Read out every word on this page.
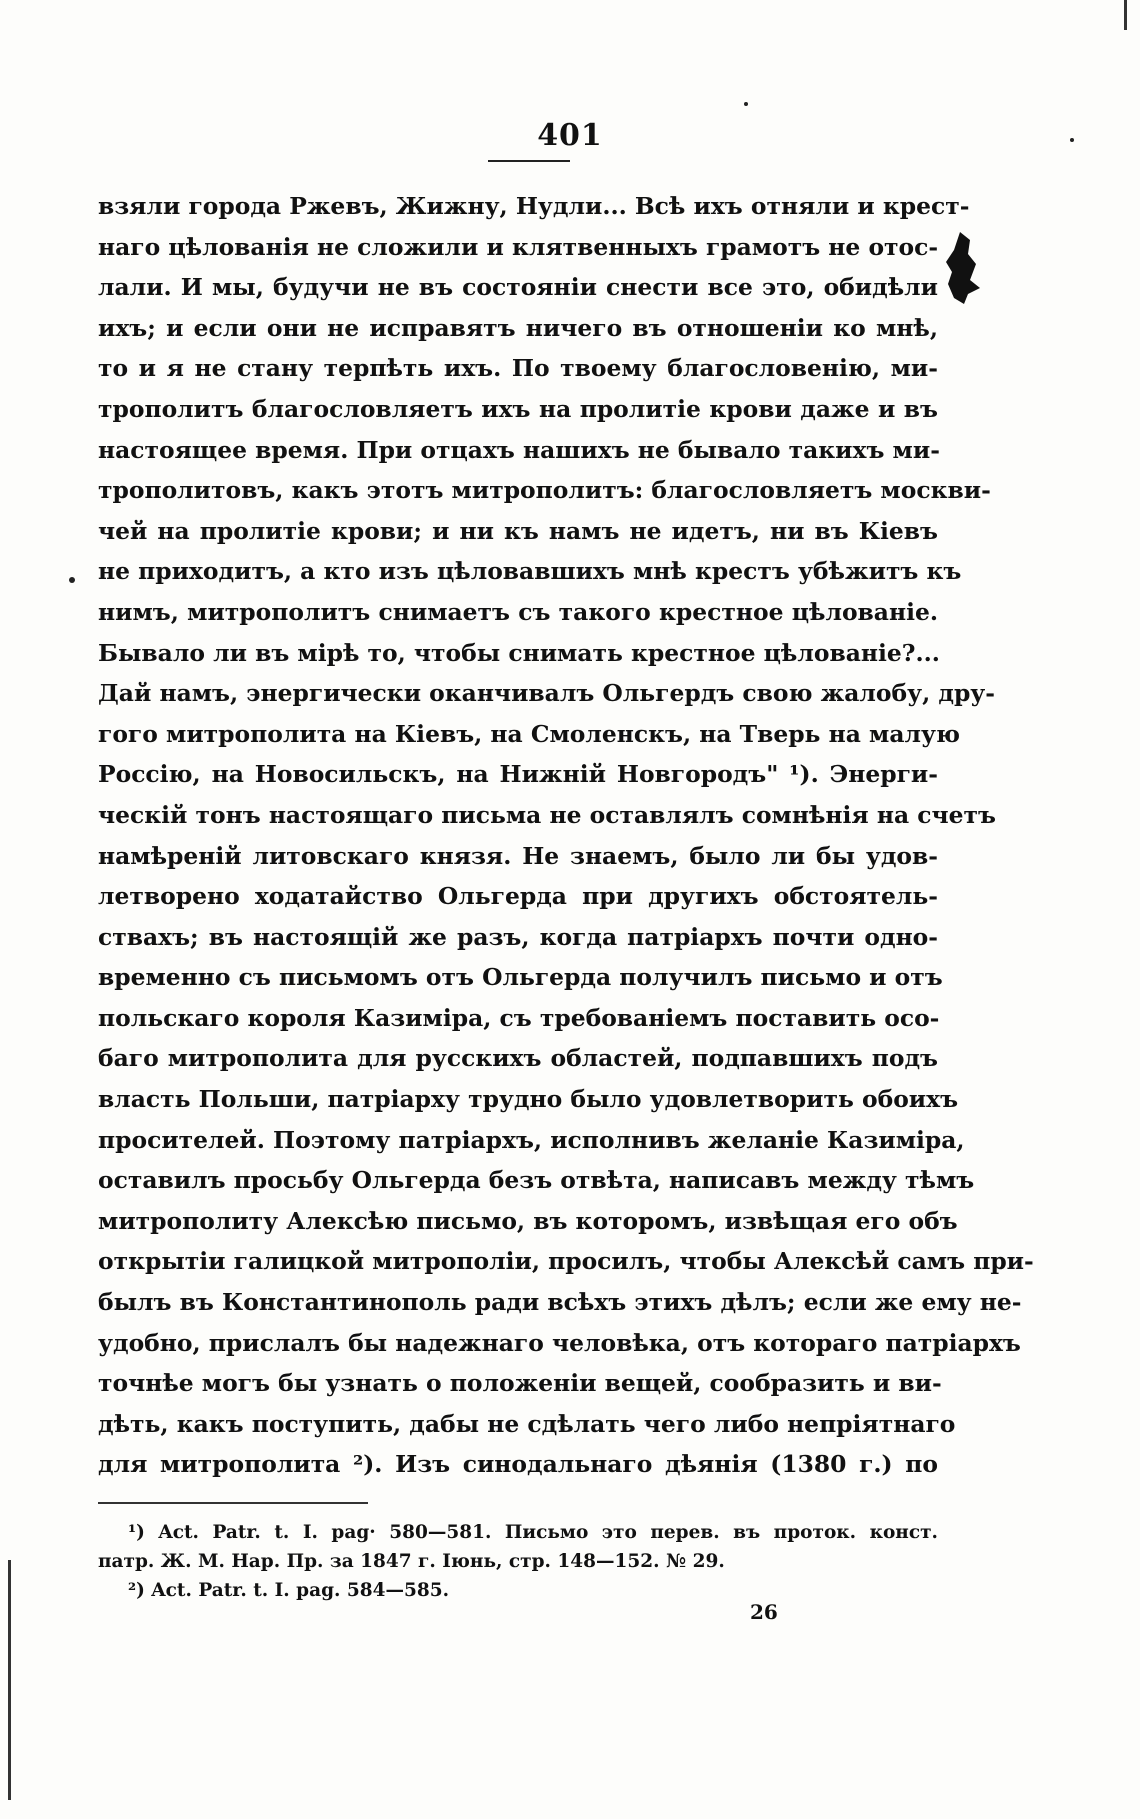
401
взяли города Ржевъ, Жижну, Нудли... Всѣ ихъ отняли и крест-
наго цѣлованія не сложили и клятвенныхъ грамотъ не отос-
лали. И мы, будучи не въ состояніи снести все это, обидѣли
ихъ; и если они не исправятъ ничего въ отношеніи ко мнѣ,
то и я не стану терпѣть ихъ. По твоему благословенію, ми-
трополитъ благословляетъ ихъ на пролитіе крови даже и въ
настоящее время. При отцахъ нашихъ не бывало такихъ ми-
трополитовъ, какъ этотъ митрополитъ: благословляетъ москви-
чей на пролитіе крови; и ни къ намъ не идетъ, ни въ Кіевъ
не приходитъ, а кто изъ цѣловавшихъ мнѣ крестъ убѣжитъ къ
нимъ, митрополитъ снимаетъ съ такого крестное цѣлованіе.
Бывало ли въ мірѣ то, чтобы снимать крестное цѣлованіе?...
Дай намъ, энергически оканчивалъ Ольгердъ свою жалобу, дру-
гого митрополита на Кіевъ, на Смоленскъ, на Тверь на малую
Россію, на Новосильскъ, на Нижній Новгородъ" ¹). Энерги-
ческій тонъ настоящаго письма не оставлялъ сомнѣнія на счетъ
намѣреній литовскаго князя. Не знаемъ, было ли бы удов-
летворено ходатайство Ольгерда при другихъ обстоятель-
ствахъ; въ настоящій же разъ, когда патріархъ почти одно-
временно съ письмомъ отъ Ольгерда получилъ письмо и отъ
польскаго короля Казиміра, съ требованіемъ поставить осо-
баго митрополита для русскихъ областей, подпавшихъ подъ
власть Польши, патріарху трудно было удовлетворить обоихъ
просителей. Поэтому патріархъ, исполнивъ желаніе Казиміра,
оставилъ просьбу Ольгерда безъ отвѣта, написавъ между тѣмъ
митрополиту Алексѣю письмо, въ которомъ, извѣщая его объ
открытіи галицкой митрополіи, просилъ, чтобы Алексѣй самъ при-
былъ въ Константинополь ради всѣхъ этихъ дѣлъ; если же ему не-
удобно, прислалъ бы надежнаго человѣка, отъ котораго патріархъ
точнѣе могъ бы узнать о положеніи вещей, сообразить и ви-
дѣть, какъ поступить, дабы не сдѣлать чего либо непріятнаго
для митрополита ²). Изъ синодальнаго дѣянія (1380 г.) по
¹) Act. Patr. t. I. pag· 580—581. Письмо это перев. въ проток. конст.
патр. Ж. М. Нар. Пр. за 1847 г. Іюнь, стр. 148—152. № 29.
²) Act. Patr. t. I. pag. 584—585.
26
